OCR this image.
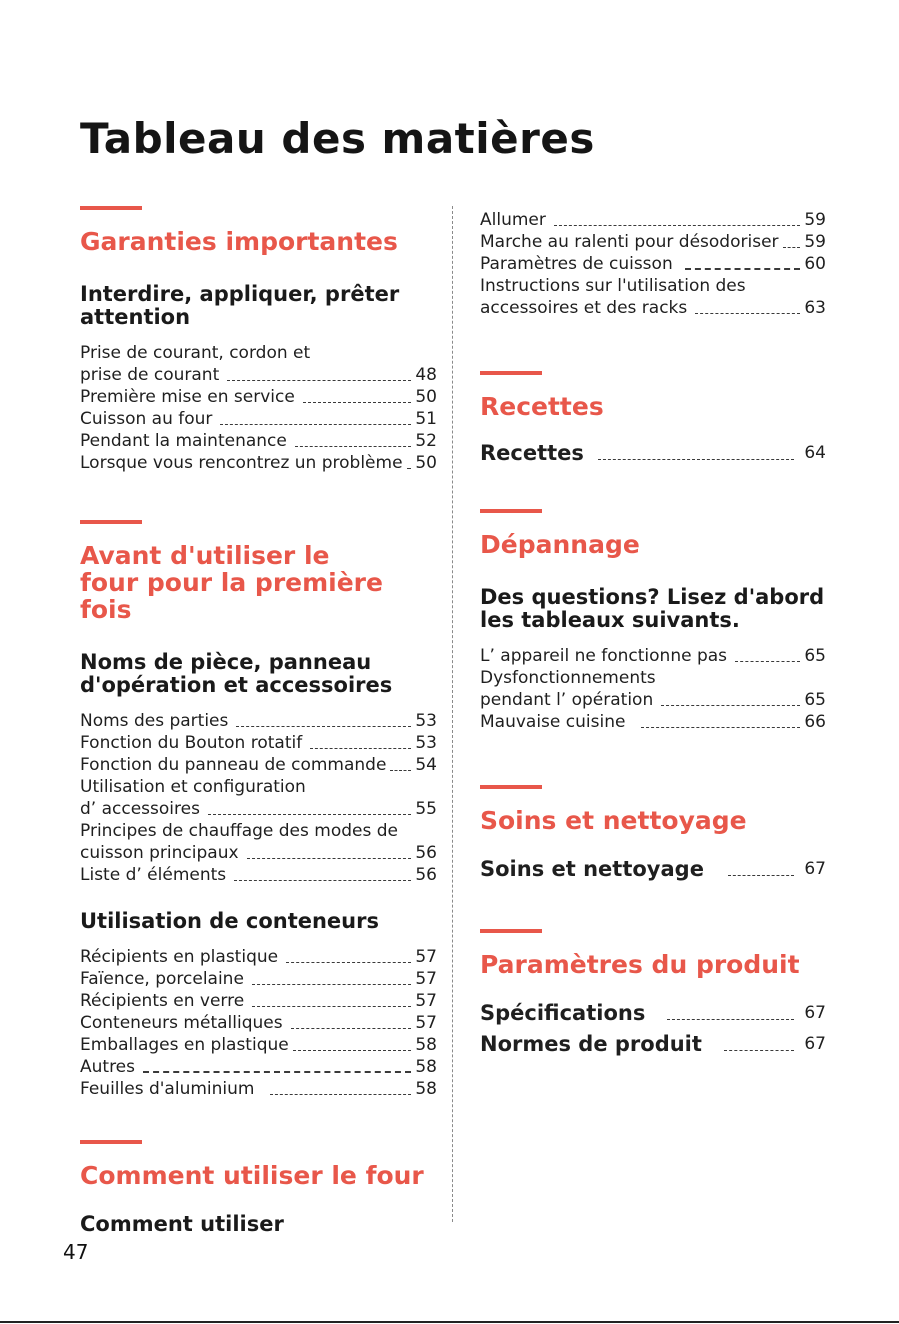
Tableau des matières
Garanties importantes
Interdire, appliquer, prêter attention
Prise de courant, cordon et
prise de courant	48
Première mise en service	50
Cuisson au four	51
Pendant la maintenance	52
Lorsque vous rencontrez un problème 50
Avant d'utiliser le four pour la première fois
Noms de pièce, panneau d'opération et accessoires
Noms des parties	53
Fonction du Bouton rotatif	53
Fonction du panneau de commande 54
Utilisation et configuration
d’ accessoires	55
Principes de chauffage des modes de
cuisson principaux	56
Liste d’ éléments	56
Utilisation de conteneurs
Récipients en plastique	57
Faïence, porcelaine	57
Récipients en verre	57
Conteneurs métalliques	57
Emballages en plastique	58
Autres	58
Feuilles d'aluminium	58
Comment utiliser le four
Comment utiliser
Allumer	59
Marche au ralenti pour désodoriser 59
Paramètres de cuisson	60
Instructions sur l'utilisation des
accessoires et des racks	63
Recettes
Recettes	64
Dépannage
Des questions? Lisez d'abord les tableaux suivants.
L’ appareil ne fonctionne pas	65
Dysfonctionnements
pendant l’ opération	65
Mauvaise cuisine	66
Soins et nettoyage
Soins et nettoyage	67
Paramètres du produit
Spécifications	67
Normes de produit	67
47
